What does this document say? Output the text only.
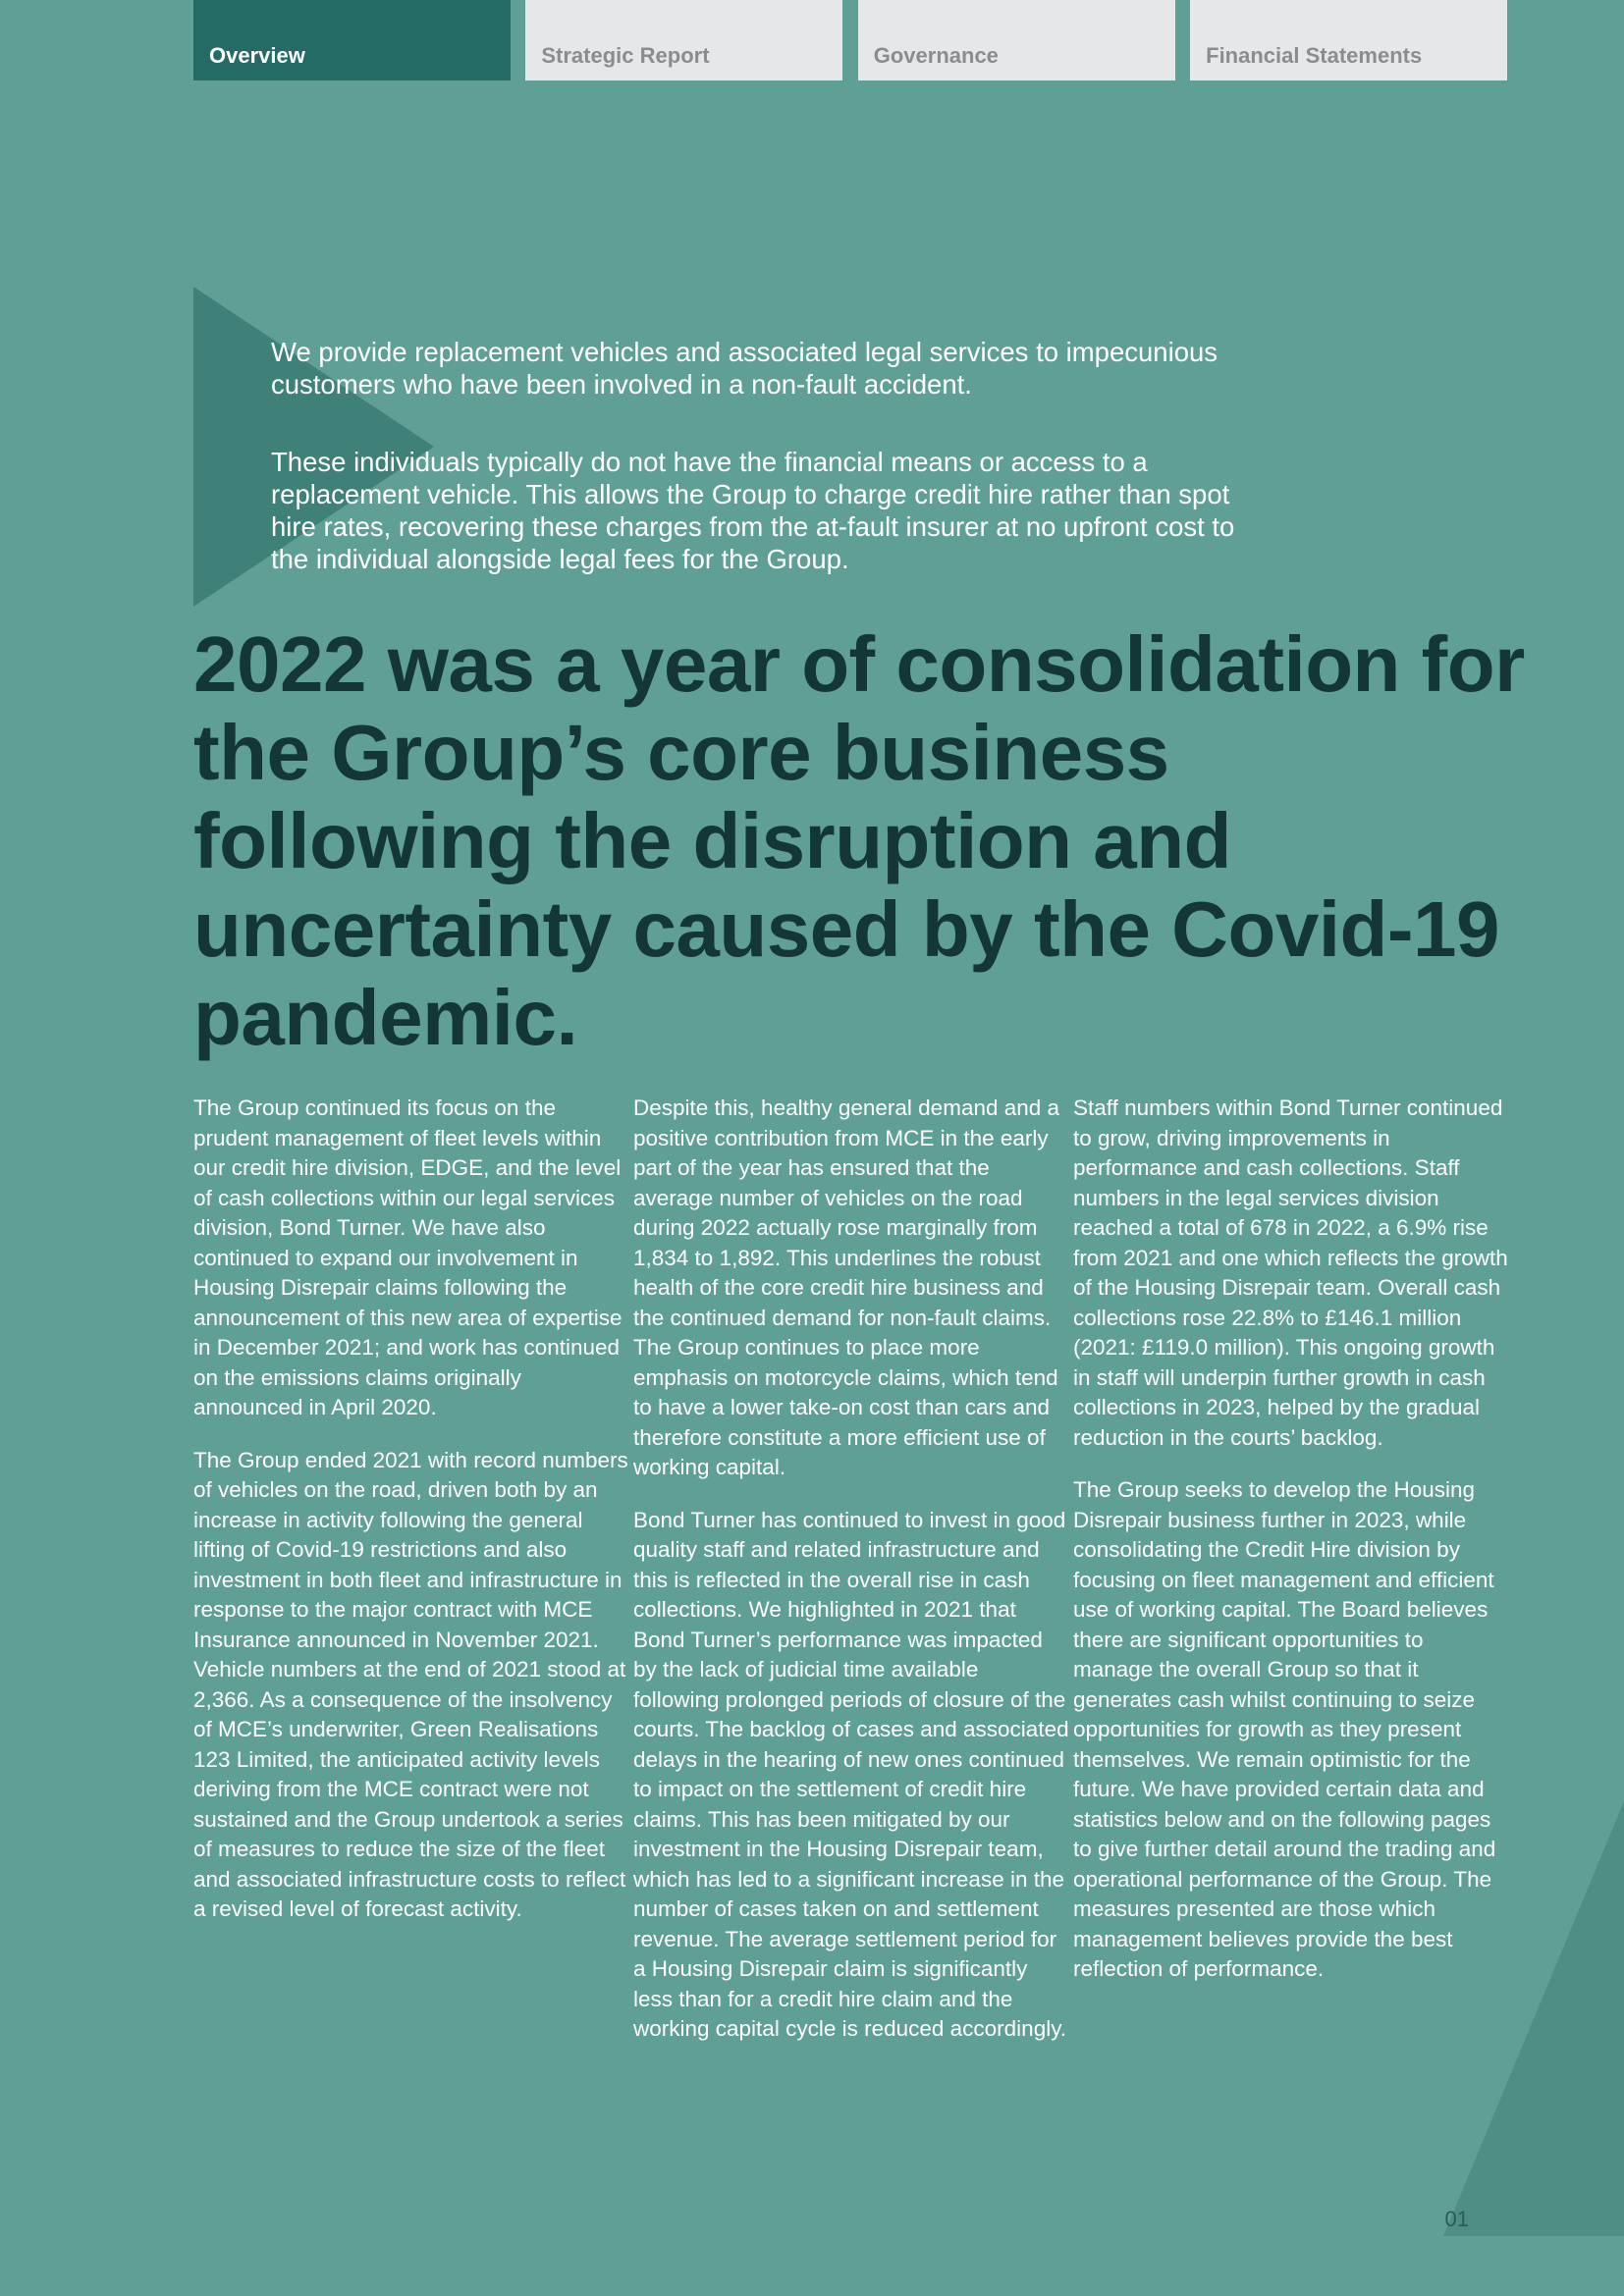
Overview	Strategic Report	Governance	Financial Statements

We provide replacement vehicles and associated legal services to impecunious customers who have been involved in a non-fault accident.

These individuals typically do not have the financial means or access to a replacement vehicle. This allows the Group to charge credit hire rather than spot hire rates, recovering these charges from the at-fault insurer at no upfront cost to the individual alongside legal fees for the Group.

2022 was a year of consolidation for the Group’s core business following the disruption and uncertainty caused by the Covid-19 pandemic.

The Group continued its focus on the prudent management of fleet levels within our credit hire division, EDGE, and the level of cash collections within our legal services division, Bond Turner. We have also continued to expand our involvement in Housing Disrepair claims following the announcement of this new area of expertise in December 2021; and work has continued on the emissions claims originally announced in April 2020.

The Group ended 2021 with record numbers of vehicles on the road, driven both by an increase in activity following the general lifting of Covid-19 restrictions and also investment in both fleet and infrastructure in response to the major contract with MCE Insurance announced in November 2021. Vehicle numbers at the end of 2021 stood at 2,366. As a consequence of the insolvency of MCE’s underwriter, Green Realisations 123 Limited, the anticipated activity levels deriving from the MCE contract were not sustained and the Group undertook a series of measures to reduce the size of the fleet and associated infrastructure costs to reflect a revised level of forecast activity.

Despite this, healthy general demand and a positive contribution from MCE in the early part of the year has ensured that the average number of vehicles on the road during 2022 actually rose marginally from 1,834 to 1,892. This underlines the robust health of the core credit hire business and the continued demand for non-fault claims. The Group continues to place more emphasis on motorcycle claims, which tend to have a lower take-on cost than cars and therefore constitute a more efficient use of working capital.

Bond Turner has continued to invest in good quality staff and related infrastructure and this is reflected in the overall rise in cash collections. We highlighted in 2021 that Bond Turner’s performance was impacted by the lack of judicial time available following prolonged periods of closure of the courts. The backlog of cases and associated delays in the hearing of new ones continued to impact on the settlement of credit hire claims. This has been mitigated by our investment in the Housing Disrepair team, which has led to a significant increase in the number of cases taken on and settlement revenue. The average settlement period for a Housing Disrepair claim is significantly less than for a credit hire claim and the working capital cycle is reduced accordingly.

Staff numbers within Bond Turner continued to grow, driving improvements in performance and cash collections. Staff numbers in the legal services division reached a total of 678 in 2022, a 6.9% rise from 2021 and one which reflects the growth of the Housing Disrepair team. Overall cash collections rose 22.8% to £146.1 million (2021: £119.0 million). This ongoing growth in staff will underpin further growth in cash collections in 2023, helped by the gradual reduction in the courts’ backlog.

The Group seeks to develop the Housing Disrepair business further in 2023, while consolidating the Credit Hire division by focusing on fleet management and efficient use of working capital. The Board believes there are significant opportunities to manage the overall Group so that it generates cash whilst continuing to seize opportunities for growth as they present themselves. We remain optimistic for the future. We have provided certain data and statistics below and on the following pages to give further detail around the trading and operational performance of the Group. The measures presented are those which management believes provide the best reflection of performance.

01
